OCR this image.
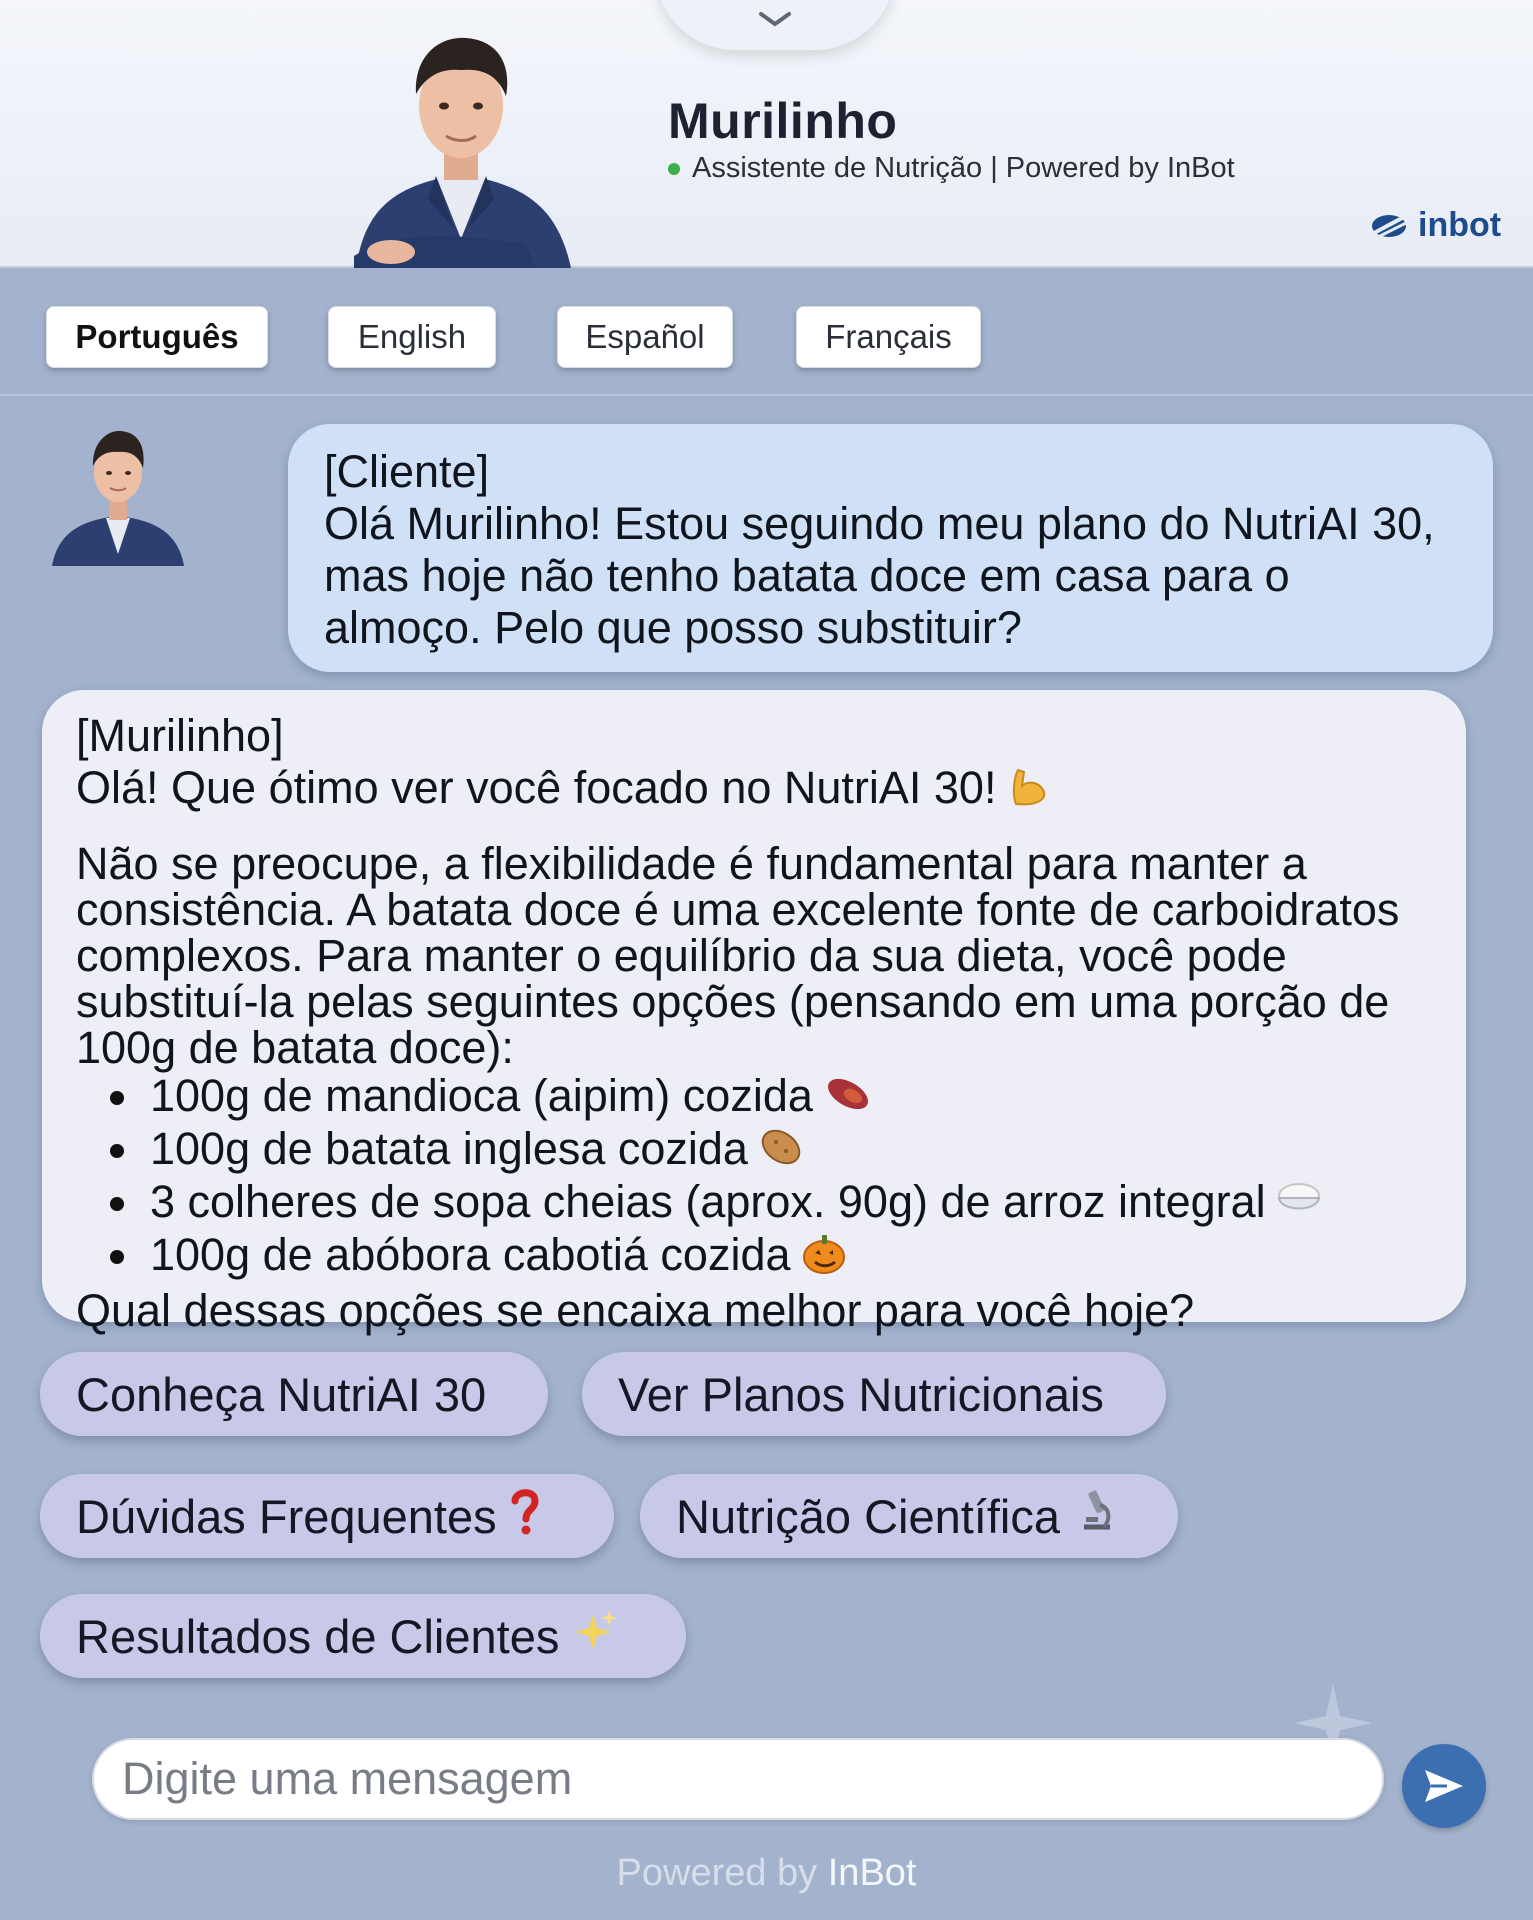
Murilinho
Assistente de Nutrição | Powered by InBot
inbot
Português	English	Español	Français
[Cliente]
Olá Murilinho! Estou seguindo meu plano do NutriAI 30, mas hoje não tenho batata doce em casa para o almoço. Pelo que posso substituir?
[Murilinho]
Olá! Que ótimo ver você focado no NutriAI 30!
Não se preocupe, a flexibilidade é fundamental para manter a consistência. A batata doce é uma excelente fonte de carboidratos complexos. Para manter o equilíbrio da sua dieta, você pode substituí-la pelas seguintes opções (pensando em uma porção de 100g de batata doce):
100g de mandioca (aipim) cozida
100g de batata inglesa cozida
3 colheres de sopa cheias (aprox. 90g) de arroz integral
100g de abóbora cabotiá cozida
Qual dessas opções se encaixa melhor para você hoje?
Conheça NutriAI 30	Ver Planos Nutricionais
Dúvidas Frequentes	Nutrição Científica
Resultados de Clientes
Digite uma mensagem
Powered by InBot
